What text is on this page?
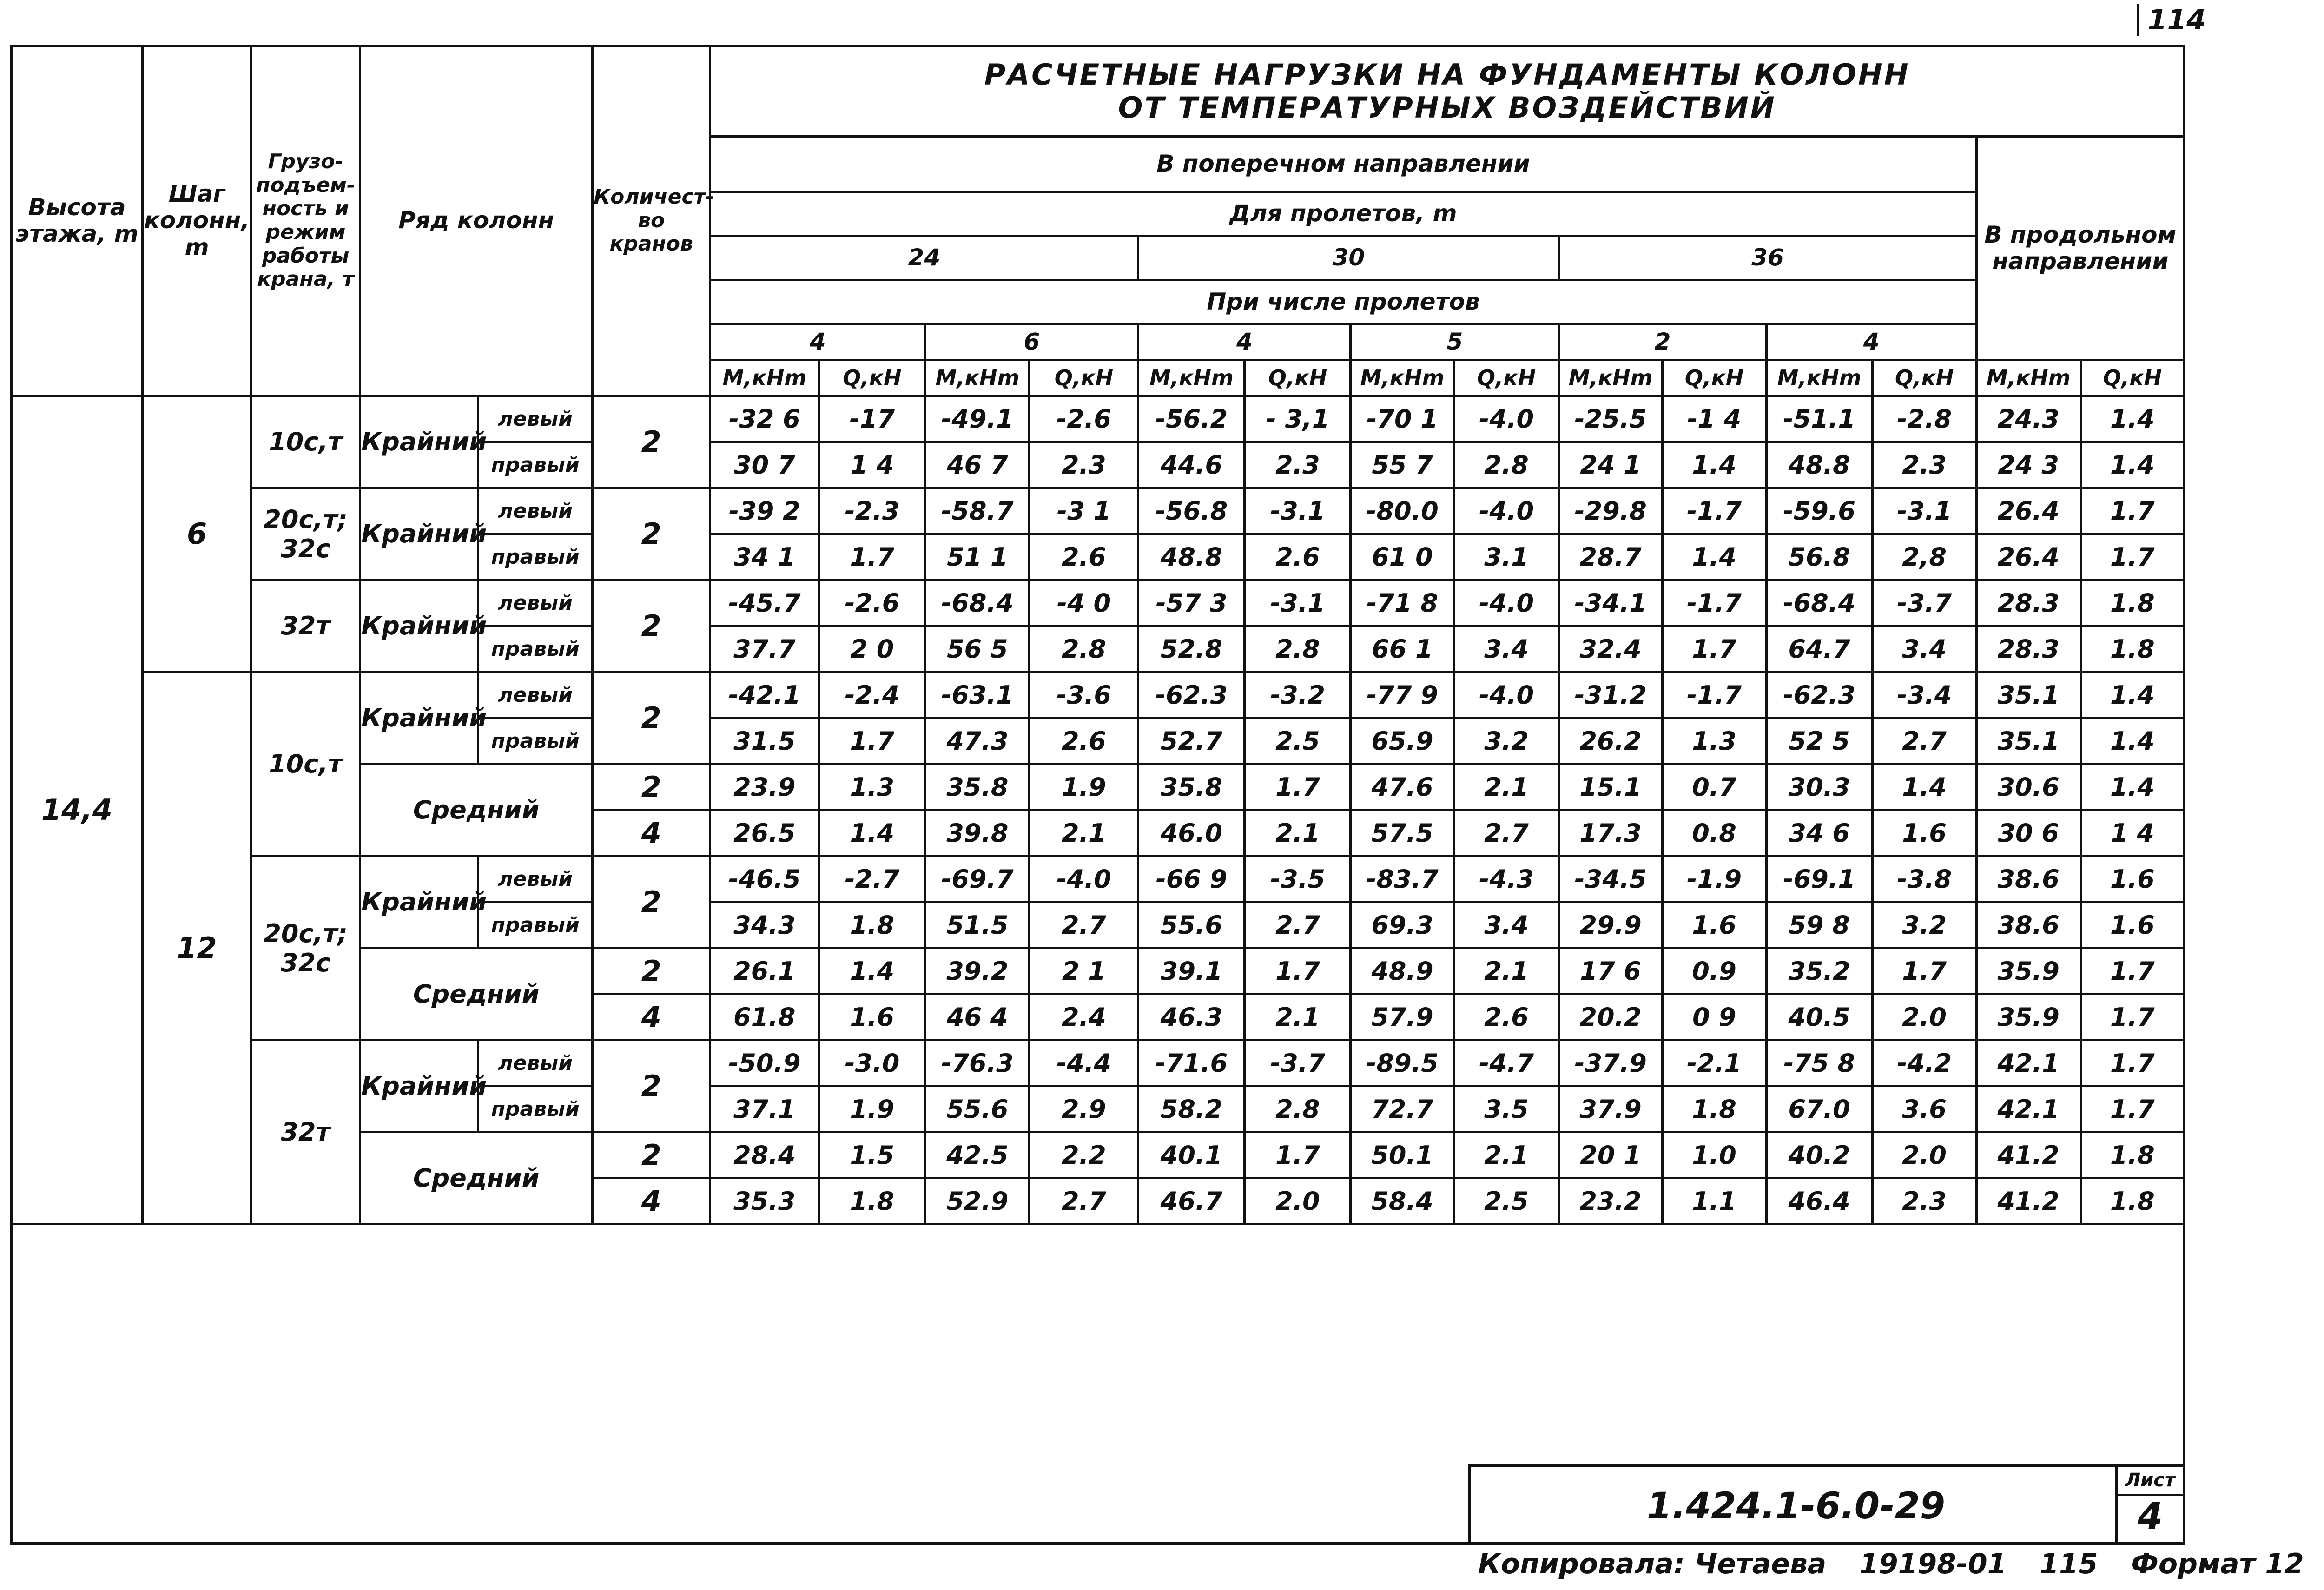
114
Высота этажа, m	Шаг колонн, m	Грузо-подъем-ность и режим работы крана, т	Ряд колонн		Количест-во кранов	РАСЧЕТНЫЕ НАГРУЗКИ НА ФУНДАМЕНТЫ КОЛОНН
ОТ ТЕМПЕРАТУРНЫХ ВОЗДЕЙСТВИЙ													

						В поперечном направлении												В продольном направлении	
						Для пролетов, m													
						24				30				36					
						При числе пролетов													
						4		6		4		5		2		4			
						M,кНm	Q,кН	M,кНm	Q,кН	M,кНm	Q,кН	M,кНm	Q,кН	M,кНm	Q,кН	M,кНm	Q,кН	M,кНm	Q,кН
14,4	6	10с,т	Крайний	левый	2	-32 6	-17	-49.1	-2.6	-56.2	- 3,1	-70 1	-4.0	-25.5	-1 4	-51.1	-2.8	24.3	1.4
				правый		30 7	1 4	46 7	2.3	44.6	2.3	55 7	2.8	24 1	1.4	48.8	2.3	24 3	1.4
		20с,т; 32с	Крайний	левый	2	-39 2	-2.3	-58.7	-3 1	-56.8	-3.1	-80.0	-4.0	-29.8	-1.7	-59.6	-3.1	26.4	1.7
				правый		34 1	1.7	51 1	2.6	48.8	2.6	61 0	3.1	28.7	1.4	56.8	2,8	26.4	1.7
		32т	Крайний	левый	2	-45.7	-2.6	-68.4	-4 0	-57 3	-3.1	-71 8	-4.0	-34.1	-1.7	-68.4	-3.7	28.3	1.8
				правый		37.7	2 0	56 5	2.8	52.8	2.8	66 1	3.4	32.4	1.7	64.7	3.4	28.3	1.8
	12	10с,т	Крайний	левый	2	-42.1	-2.4	-63.1	-3.6	-62.3	-3.2	-77 9	-4.0	-31.2	-1.7	-62.3	-3.4	35.1	1.4
				правый		31.5	1.7	47.3	2.6	52.7	2.5	65.9	3.2	26.2	1.3	52 5	2.7	35.1	1.4
			Средний		2	23.9	1.3	35.8	1.9	35.8	1.7	47.6	2.1	15.1	0.7	30.3	1.4	30.6	1.4
					4	26.5	1.4	39.8	2.1	46.0	2.1	57.5	2.7	17.3	0.8	34 6	1.6	30 6	1 4
		20с,т; 32с	Крайний	левый	2	-46.5	-2.7	-69.7	-4.0	-66 9	-3.5	-83.7	-4.3	-34.5	-1.9	-69.1	-3.8	38.6	1.6
				правый		34.3	1.8	51.5	2.7	55.6	2.7	69.3	3.4	29.9	1.6	59 8	3.2	38.6	1.6
			Средний		2	26.1	1.4	39.2	2 1	39.1	1.7	48.9	2.1	17 6	0.9	35.2	1.7	35.9	1.7
					4	61.8	1.6	46 4	2.4	46.3	2.1	57.9	2.6	20.2	0 9	40.5	2.0	35.9	1.7
		32т	Крайний	левый	2	-50.9	-3.0	-76.3	-4.4	-71.6	-3.7	-89.5	-4.7	-37.9	-2.1	-75 8	-4.2	42.1	1.7
				правый		37.1	1.9	55.6	2.9	58.2	2.8	72.7	3.5	37.9	1.8	67.0	3.6	42.1	1.7
			Средний		2	28.4	1.5	42.5	2.2	40.1	1.7	50.1	2.1	20 1	1.0	40.2	2.0	41.2	1.8
					4	35.3	1.8	52.9	2.7	46.7	2.0	58.4	2.5	23.2	1.1	46.4	2.3	41.2	1.8
1.424.1-6.0-29
Лист
4
Копировала: Четаева 19198-01 115 Формат 12
